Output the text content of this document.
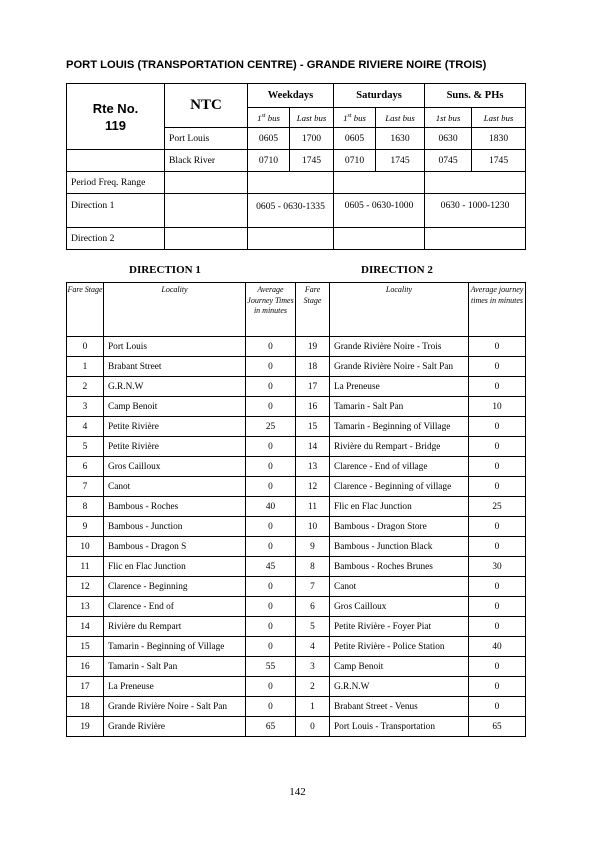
PORT LOUIS (TRANSPORTATION CENTRE) - GRANDE RIVIERE NOIRE (TROIS)
Rte No.
119	NTC	Weekdays		Saturdays		Suns. & PHs	
		1st bus	Last bus	1st bus	Last bus	1st bus	Last bus
	Port Louis	0605	1700	0605	1630	0630	1830
	Black River	0710	1745	0710	1745	0745	1745
Period Freq. Range							
Direction 1		0605 - 0630-1335		0605 - 0630-1000		0630 - 1000-1230	
Direction 2							
DIRECTION 1	DIRECTION 2
Fare Stage	Locality	Average Journey Times in minutes	Fare Stage	Locality	Average journey times in minutes
0	Port Louis	0	19	Grande Rivière Noire - Trois	0
1	Brabant Street	0	18	Grande Rivière Noire - Salt Pan	0
2	G.R.N.W	0	17	La Preneuse	0
3	Camp Benoit	0	16	Tamarin - Salt Pan	10
4	Petite Rivière	25	15	Tamarin - Beginning of Village	0
5	Petite Rivière	0	14	Rivière du Rempart - Bridge	0
6	Gros Cailloux	0	13	Clarence - End of village	0
7	Canot	0	12	Clarence - Beginning of village	0
8	Bambous - Roches	40	11	Flic en Flac Junction	25
9	Bambous - Junction	0	10	Bambous - Dragon Store	0
10	Bambous - Dragon S	0	9	Bambous - Junction Black	0
11	Flic en Flac Junction	45	8	Bambous - Roches Brunes	30
12	Clarence - Beginning	0	7	Canot	0
13	Clarence - End of	0	6	Gros Cailloux	0
14	Rivière du Rempart	0	5	Petite Rivière - Foyer Piat	0
15	Tamarin - Beginning of Village	0	4	Petite Rivière - Police Station	40
16	Tamarin - Salt Pan	55	3	Camp Benoit	0
17	La Preneuse	0	2	G.R.N.W	0
18	Grande Rivière Noire - Salt Pan	0	1	Brabant Street - Venus	0
19	Grande Rivière	65	0	Port Louis - Transportation	65
142
